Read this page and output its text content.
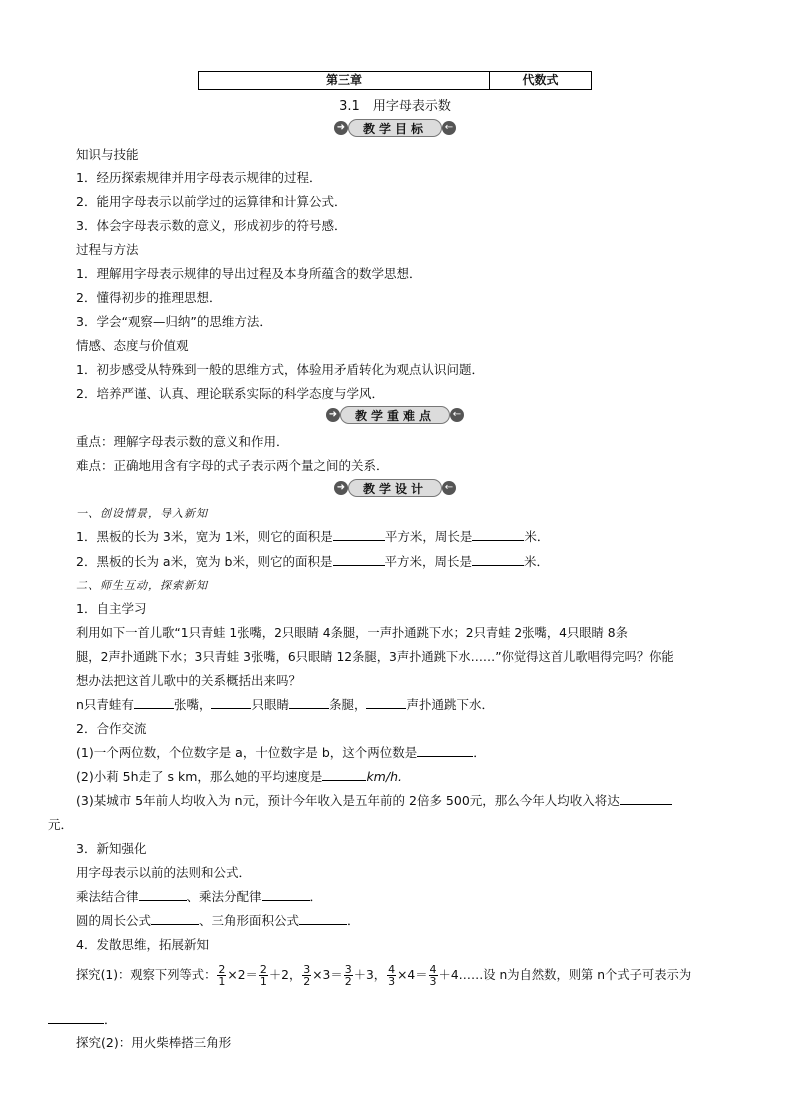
第三章	代数式
3.1　用字母表示数
➜	教学目标	←
知识与技能
1．经历探索规律并用字母表示规律的过程．
2．能用字母表示以前学过的运算律和计算公式．
3．体会字母表示数的意义，形成初步的符号感．
过程与方法
1．理解用字母表示规律的导出过程及本身所蕴含的数学思想．
2．懂得初步的推理思想．
3．学会“观察—归纳”的思维方法．
情感、态度与价值观
1．初步感受从特殊到一般的思维方式，体验用矛盾转化为观点认识问题．
2．培养严谨、认真、理论联系实际的科学态度与学风．
➜	教学重难点	←
重点：理解字母表示数的意义和作用．
难点：正确地用含有字母的式子表示两个量之间的关系．
➜	教学设计	←
一、创设情景，导入新知
1．黑板的长为 3米，宽为 1米，则它的面积是	平方米，周长是	米．
2．黑板的长为 a米，宽为 b米，则它的面积是	平方米，周长是	米．
二、师生互动，探索新知
1．自主学习
利用如下一首儿歌“1只青蛙 1张嘴，2只眼睛 4条腿，一声扑通跳下水；2只青蛙 2张嘴，4只眼睛 8条
腿，2声扑通跳下水；3只青蛙 3张嘴，6只眼睛 12条腿，3声扑通跳下水……”你觉得这首儿歌唱得完吗？你能
想办法把这首儿歌中的关系概括出来吗？
n只青蛙有	张嘴，	只眼睛	条腿，	声扑通跳下水．
2．合作交流
(1)一个两位数，个位数字是 a，十位数字是 b，这个两位数是	．
(2)小莉 5h走了 s km，那么她的平均速度是	km/h.
(3)某城市 5年前人均收入为 n元，预计今年收入是五年前的 2倍多 500元，那么今年人均收入将达
元．
3．新知强化
用字母表示以前的法则和公式．
乘法结合律	、乘法分配律	．
圆的周长公式	、三角形面积公式	．
4．发散思维，拓展新知
探究(1)：观察下列等式： $\frac{2}{1} \times 2= \frac{2}{1} +2$， $\frac{3}{2} \times 3= \frac{3}{2} +3$， $\frac{4}{3} \times 4= \frac{4}{3}$ ＋4……设 n为自然数，则第 n个式子可表示为
．
探究(2)：用火柴棒搭三角形
